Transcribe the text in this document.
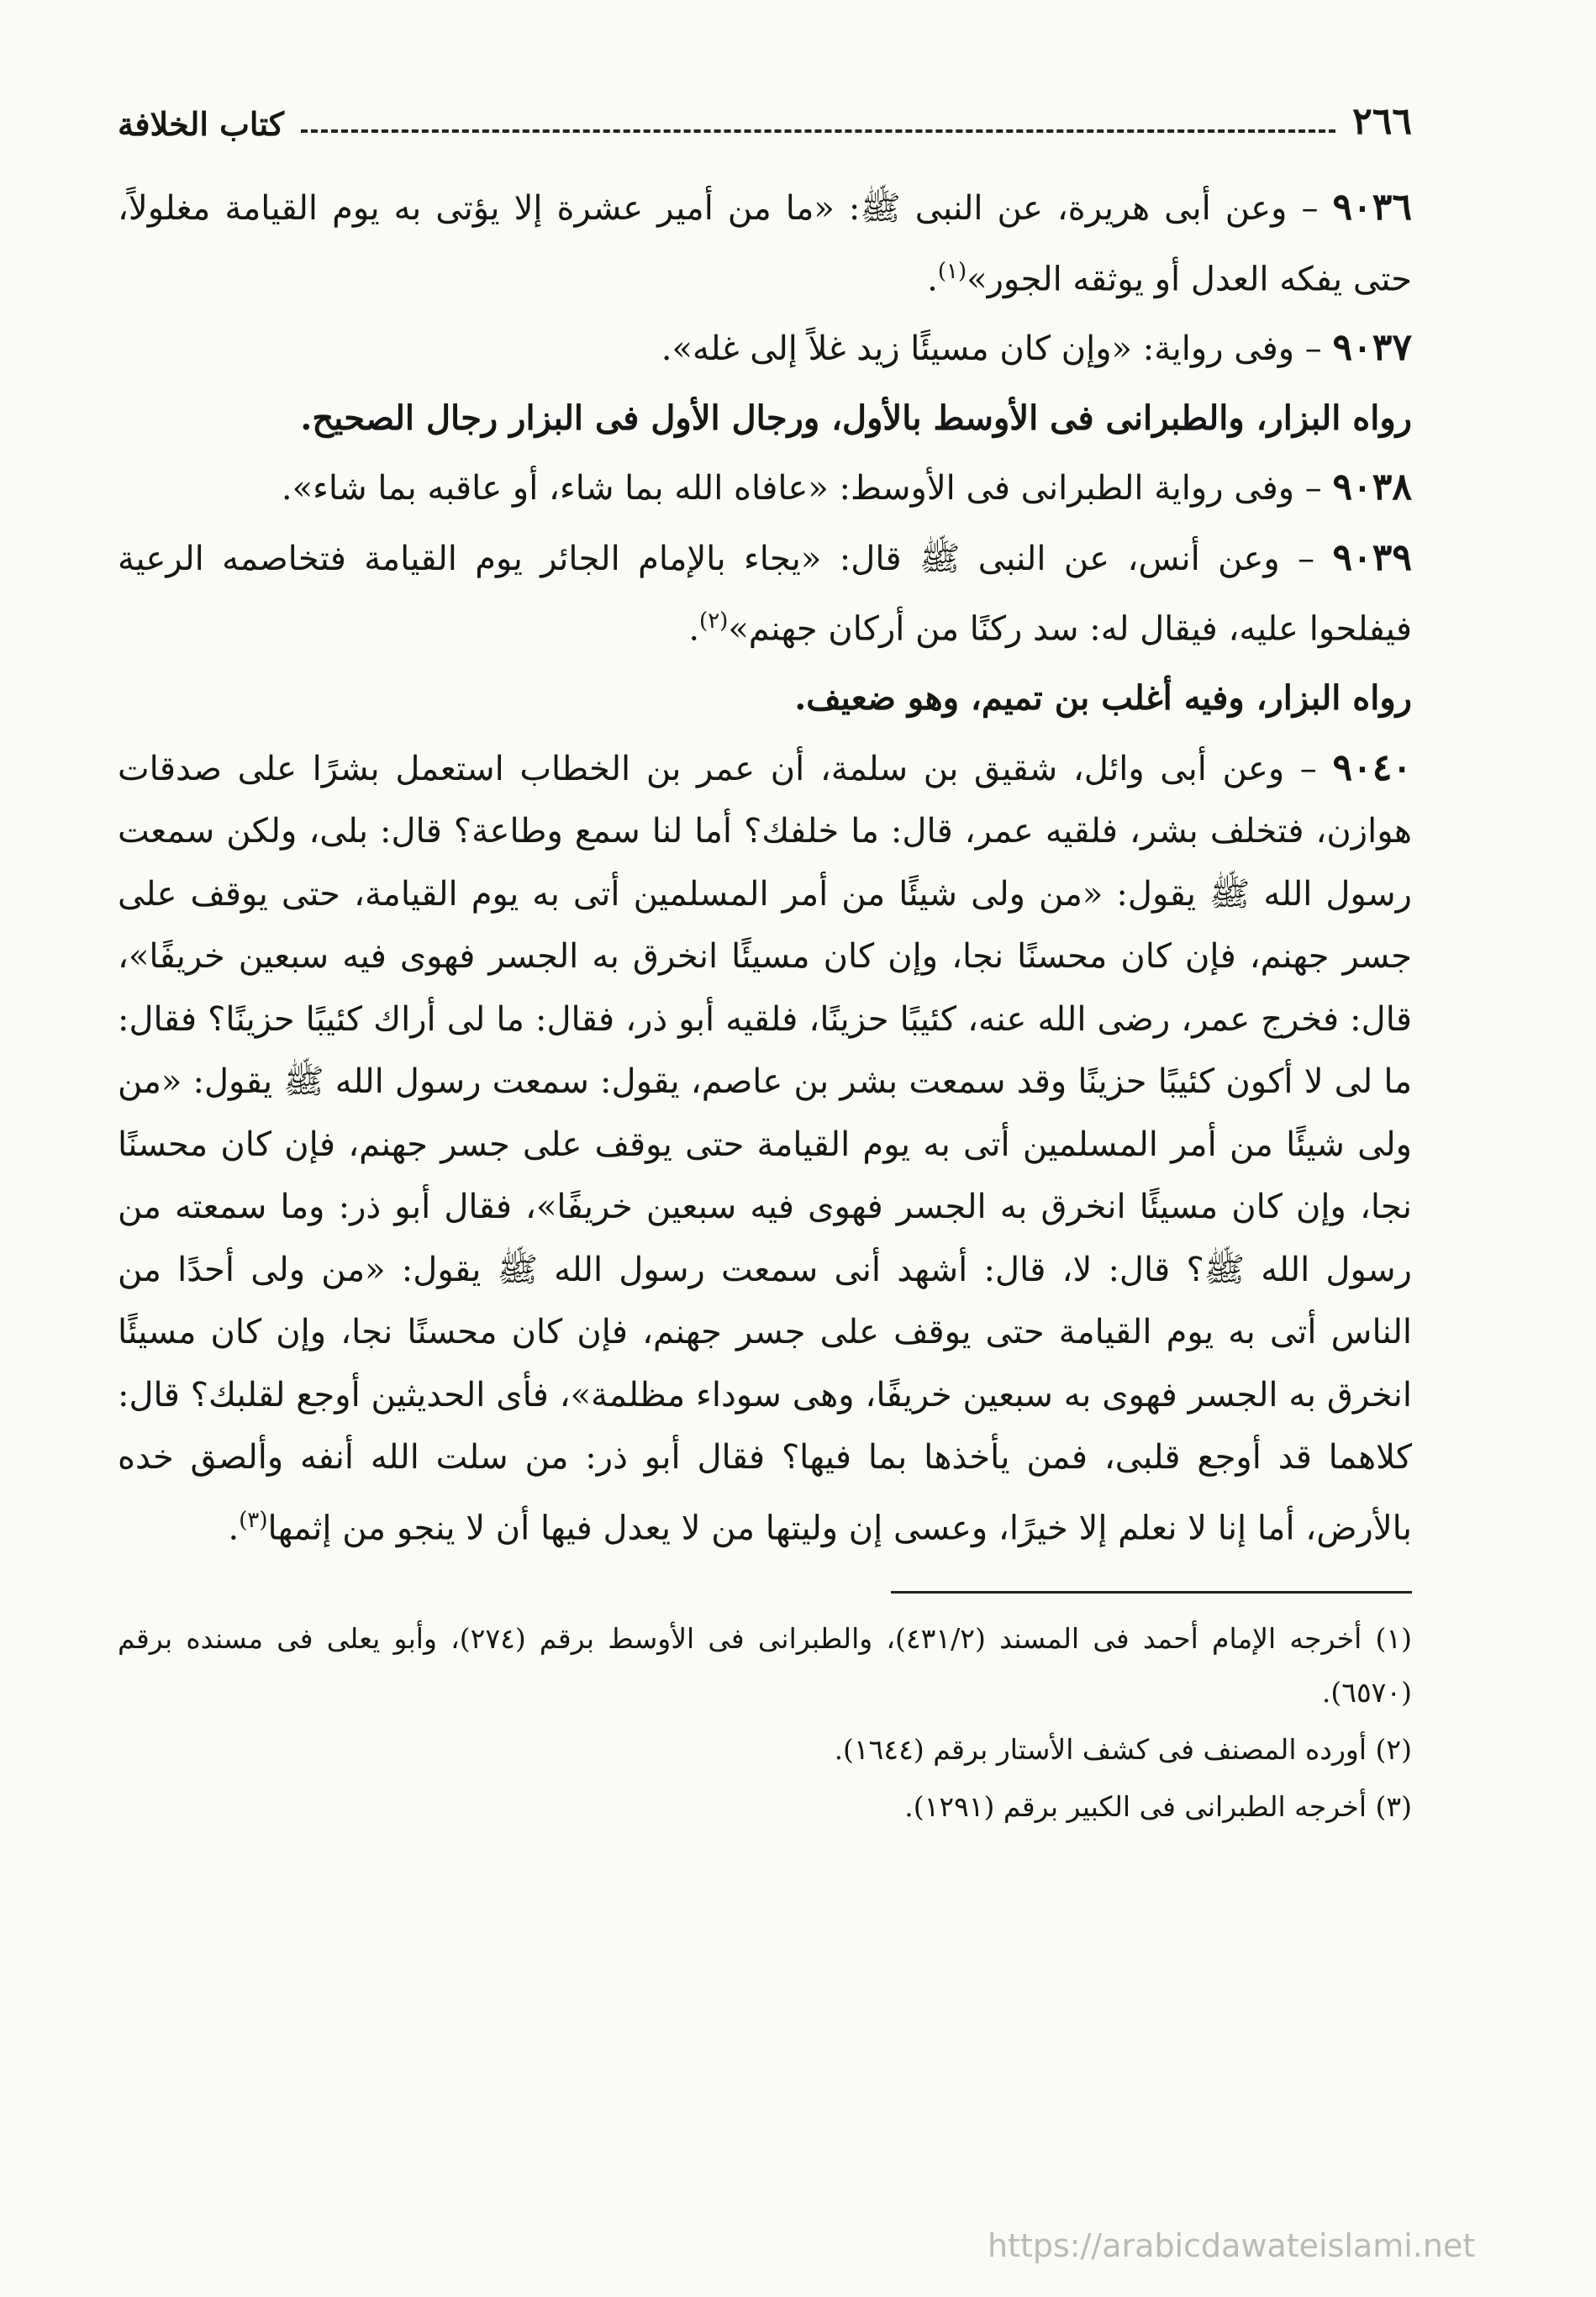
٢٦٦
كتاب الخلافة

٩٠٣٦ – وعن أبى هريرة، عن النبى ﷺ: «ما من أمير عشرة إلا يؤتى به يوم القيامة مغلولاً، حتى يفكه العدل أو يوثقه الجور»$^{(١)}$.

٩٠٣٧ – وفى رواية: «وإن كان مسيئًا زيد غلاً إلى غله».

رواه البزار، والطبرانى فى الأوسط بالأول، ورجال الأول فى البزار رجال الصحيح.

٩٠٣٨ – وفى رواية الطبرانى فى الأوسط: «عافاه الله بما شاء، أو عاقبه بما شاء».

٩٠٣٩ – وعن أنس، عن النبى ﷺ قال: «يجاء بالإمام الجائر يوم القيامة فتخاصمه الرعية فيفلحوا عليه، فيقال له: سد ركنًا من أركان جهنم»$^{(٢)}$.

رواه البزار، وفيه أغلب بن تميم، وهو ضعيف.

٩٠٤٠ – وعن أبى وائل، شقيق بن سلمة، أن عمر بن الخطاب استعمل بشرًا على صدقات هوازن، فتخلف بشر، فلقيه عمر، قال: ما خلفك؟ أما لنا سمع وطاعة؟ قال: بلى، ولكن سمعت رسول الله ﷺ يقول: «من ولى شيئًا من أمر المسلمين أتى به يوم القيامة، حتى يوقف على جسر جهنم، فإن كان محسنًا نجا، وإن كان مسيئًا انخرق به الجسر فهوى فيه سبعين خريفًا»، قال: فخرج عمر، رضى الله عنه، كئيبًا حزينًا، فلقيه أبو ذر، فقال: ما لى أراك كئيبًا حزينًا؟ فقال: ما لى لا أكون كئيبًا حزينًا وقد سمعت بشر بن عاصم، يقول: سمعت رسول الله ﷺ يقول: «من ولى شيئًا من أمر المسلمين أتى به يوم القيامة حتى يوقف على جسر جهنم، فإن كان محسنًا نجا، وإن كان مسيئًا انخرق به الجسر فهوى فيه سبعين خريفًا»، فقال أبو ذر: وما سمعته من رسول الله ﷺ؟ قال: لا، قال: أشهد أنى سمعت رسول الله ﷺ يقول: «من ولى أحدًا من الناس أتى به يوم القيامة حتى يوقف على جسر جهنم، فإن كان محسنًا نجا، وإن كان مسيئًا انخرق به الجسر فهوى به سبعين خريفًا، وهى سوداء مظلمة»، فأى الحديثين أوجع لقلبك؟ قال: كلاهما قد أوجع قلبى، فمن يأخذها بما فيها؟ فقال أبو ذر: من سلت الله أنفه وألصق خده بالأرض، أما إنا لا نعلم إلا خيرًا، وعسى إن وليتها من لا يعدل فيها أن لا ينجو من إثمها$^{(٣)}$.

(١) أخرجه الإمام أحمد فى المسند (٤٣١/٢)، والطبرانى فى الأوسط برقم (٢٧٤)، وأبو يعلى فى مسنده برقم (٦٥٧٠).

(٢) أورده المصنف فى كشف الأستار برقم (١٦٤٤).

(٣) أخرجه الطبرانى فى الكبير برقم (١٢٩١).

https://arabicdawateislami.net
